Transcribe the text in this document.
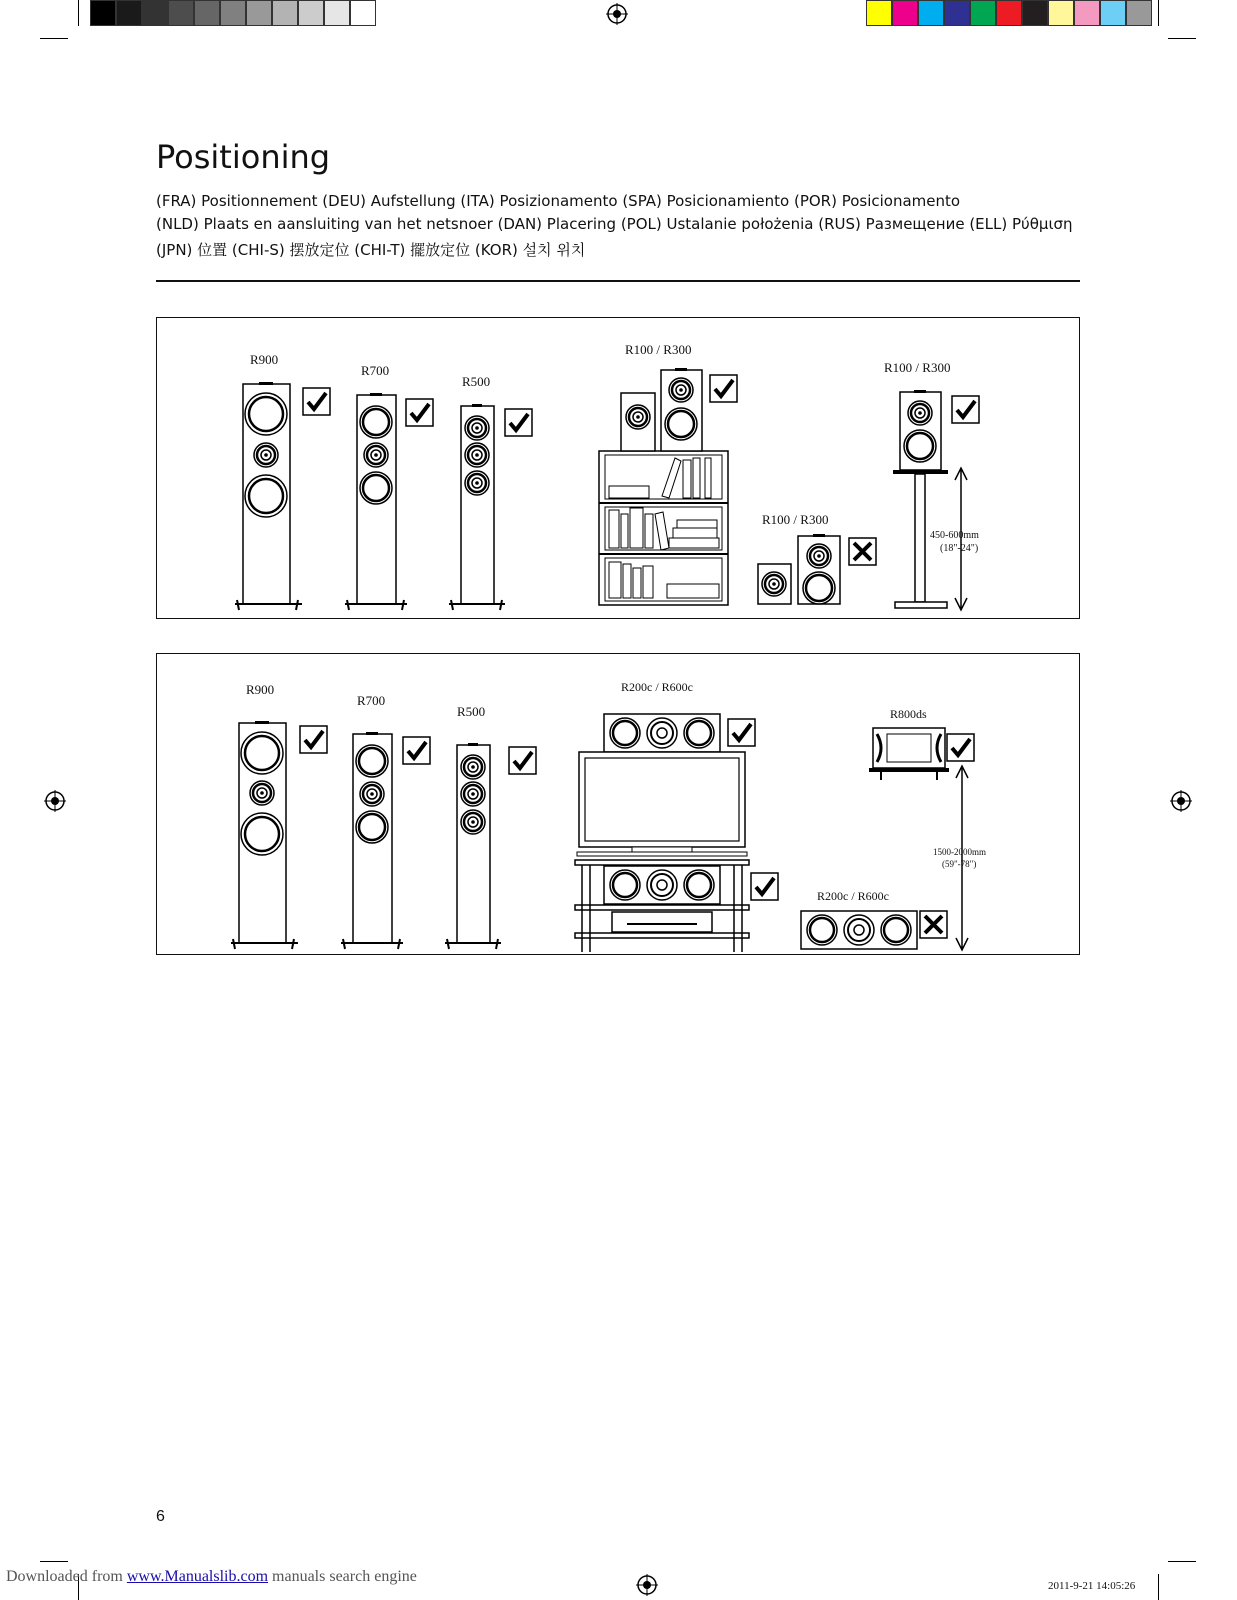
Positioning
(FRA) Positionnement (DEU) Aufstellung (ITA) Posizionamento (SPA) Posicionamiento (POR) Posicionamento
(NLD) Plaats en aansluiting van het netsnoer (DAN) Placering (POL) Ustalanie położenia (RUS) Размещение (ELL) Ρύθμιση
(JPN) 位置 (CHI-S) 摆放定位 (CHI-T) 擺放定位 (KOR) 설치 위치
R900
R700
R500
R100 / R300
R100 / R300
R100 / R300
450-600mm
(18"-24")
R900
R700
R500
R200c / R600c
R800ds
R200c / R600c
1500-2000mm
(59"-78")
6
Downloaded from www.Manualslib.com manuals search engine
2011-9-21 14:05:26
